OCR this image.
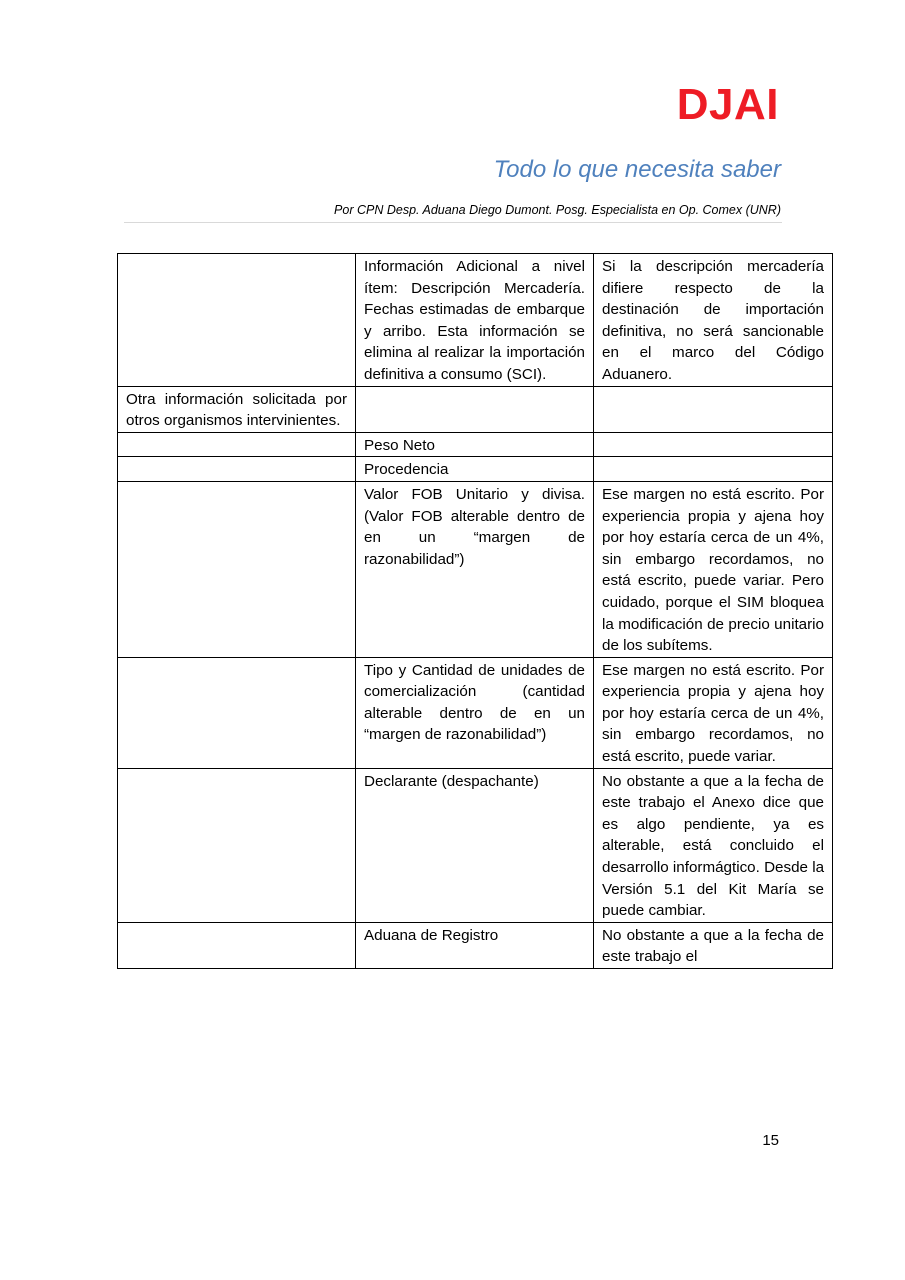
DJAI
Todo lo que necesita saber
Por CPN Desp. Aduana Diego Dumont. Posg. Especialista en Op. Comex (UNR)
	Información Adicional a nivel ítem: Descripción Mercadería. Fechas estimadas de embarque y arribo. Esta información se elimina al realizar la importación definitiva a consumo (SCI).	Si la descripción mercadería difiere respecto de la destinación de importación definitiva, no será sancionable en el marco del Código Aduanero.
Otra información solicitada por otros organismos intervinientes.		
	Peso Neto	
	Procedencia	
	Valor FOB Unitario y divisa. (Valor FOB alterable dentro de en un “margen de razonabilidad”)	Ese margen no está escrito. Por experiencia propia y ajena hoy por hoy estaría cerca de un 4%, sin embargo recordamos, no está escrito, puede variar. Pero cuidado, porque el SIM bloquea la modificación de precio unitario de los subítems.
	Tipo y Cantidad de unidades de comercialización (cantidad alterable dentro de en un “margen de razonabilidad”)	Ese margen no está escrito. Por experiencia propia y ajena hoy por hoy estaría cerca de un 4%, sin embargo recordamos, no está escrito, puede variar.
	Declarante (despachante)	No obstante a que a la fecha de este trabajo el Anexo dice que es algo pendiente, ya es alterable, está concluido el desarrollo informágtico. Desde la Versión 5.1 del Kit María se puede cambiar.
	Aduana de Registro	No obstante a que a la fecha de este trabajo el
15
